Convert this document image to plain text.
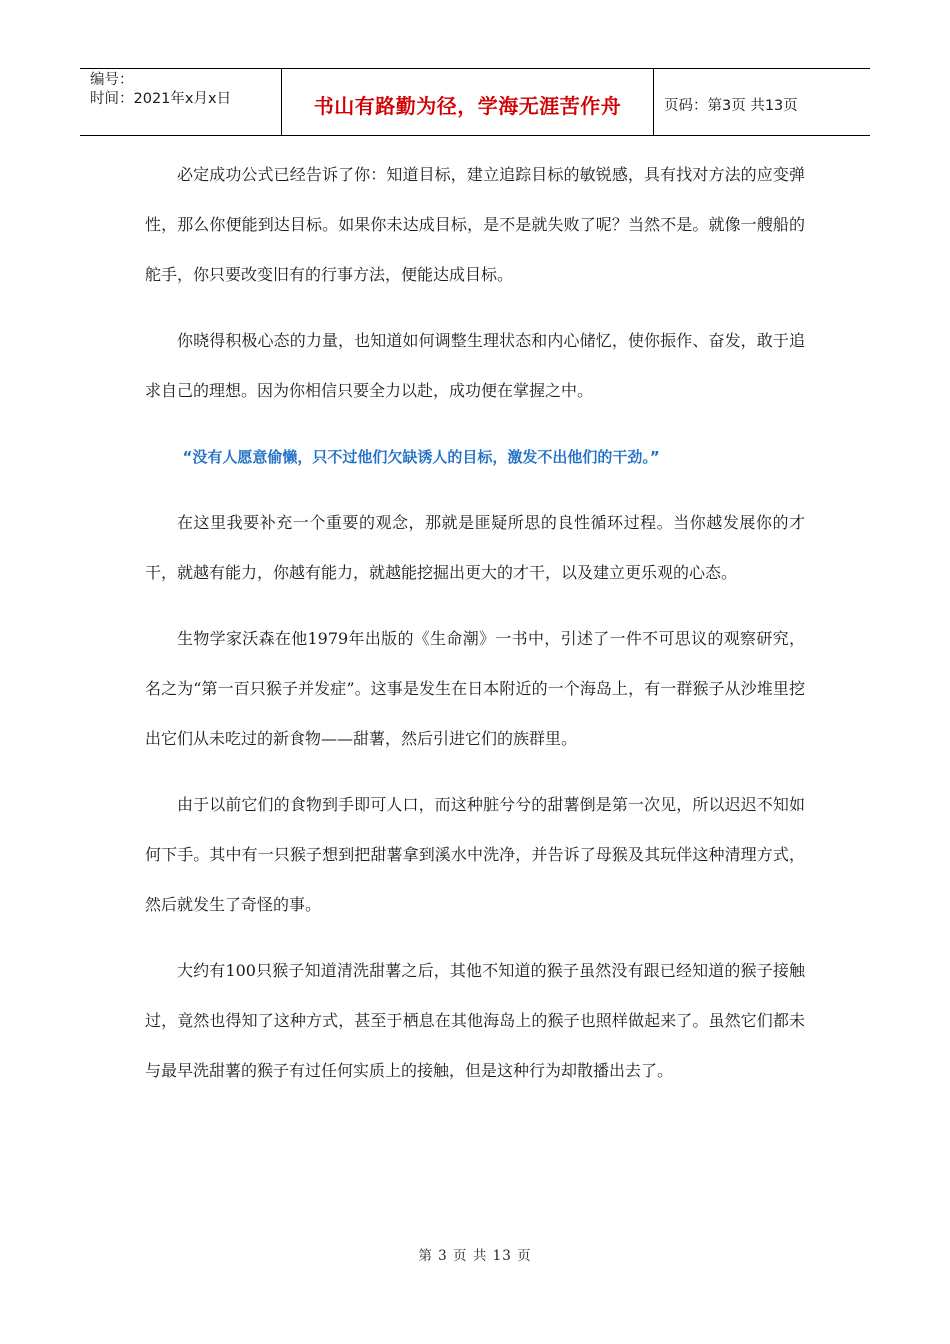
编号：
时间：2021年x月x日	书山有路勤为径，学海无涯苦作舟	页码：第3页 共13页

必定成功公式已经告诉了你：知道目标，建立追踪目标的敏锐感，具有找对方法的应变弹性，那么你便能到达目标。如果你未达成目标，是不是就失败了呢？当然不是。就像一艘船的舵手，你只要改变旧有的行事方法，便能达成目标。

你晓得积极心态的力量，也知道如何调整生理状态和内心储忆，使你振作、奋发，敢于追求自己的理想。因为你相信只要全力以赴，成功便在掌握之中。

“没有人愿意偷懒，只不过他们欠缺诱人的目标，激发不出他们的干劲。”

在这里我要补充一个重要的观念，那就是匪疑所思的良性循环过程。当你越发展你的才干，就越有能力，你越有能力，就越能挖掘出更大的才干，以及建立更乐观的心态。

生物学家沃森在他1979年出版的《生命潮》一书中，引述了一件不可思议的观察研究，名之为“第一百只猴子并发症”。这事是发生在日本附近的一个海岛上，有一群猴子从沙堆里挖出它们从未吃过的新食物——甜薯，然后引进它们的族群里。

由于以前它们的食物到手即可人口，而这种脏兮兮的甜薯倒是第一次见，所以迟迟不知如何下手。其中有一只猴子想到把甜薯拿到溪水中洗净，并告诉了母猴及其玩伴这种清理方式，然后就发生了奇怪的事。

大约有100只猴子知道清洗甜薯之后，其他不知道的猴子虽然没有跟已经知道的猴子接触过，竟然也得知了这种方式，甚至于栖息在其他海岛上的猴子也照样做起来了。虽然它们都未与最早洗甜薯的猴子有过任何实质上的接触，但是这种行为却散播出去了。

第 3 页 共 13 页
